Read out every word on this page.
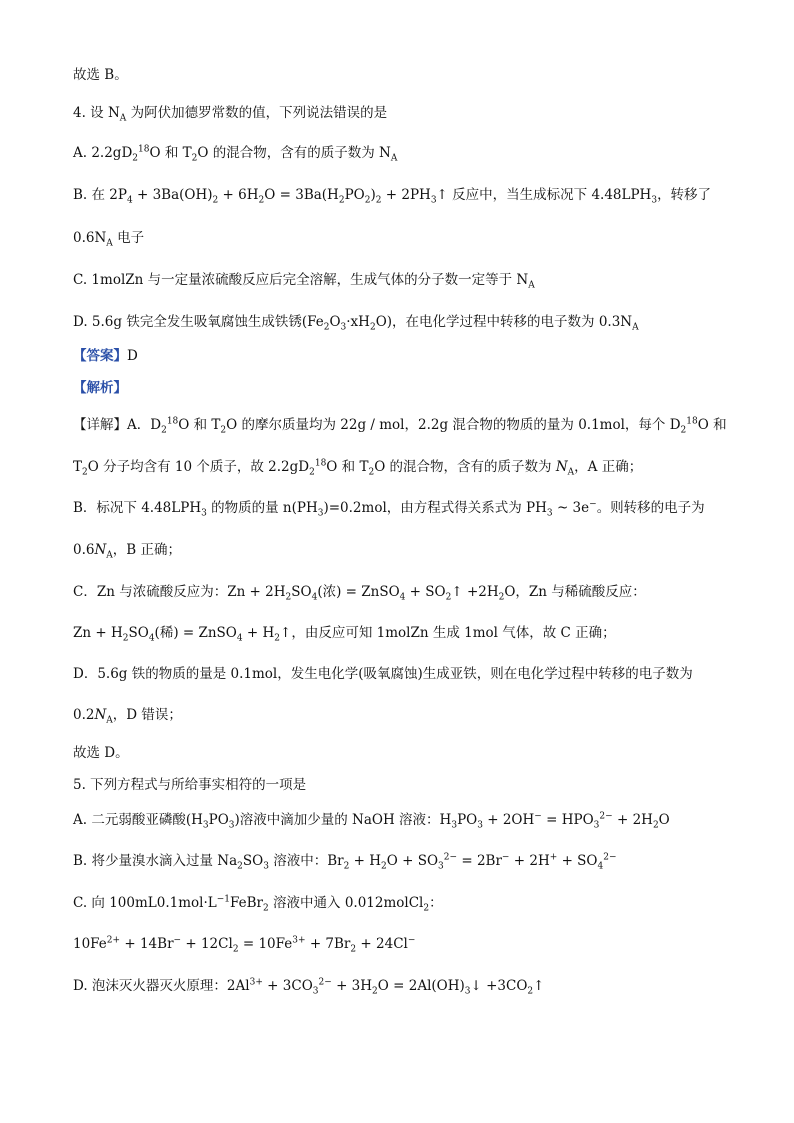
故选 B。
4. 设 $N_A$ 为阿伏加德罗常数的值，下列说法错误的是
A. $2.2gD_2^{18}O$ 和 $T_2O$ 的混合物，含有的质子数为 $N_A$
B. 在 $2P_4 + 3Ba(OH)_2 + 6H_2O = 3Ba(H_2PO_2)_2$ + $2PH_3↑$ 反应中，当生成标况下 $4.48LPH_3$，转移了
$0.6N_A$ 电子
C. 1molZn 与一定量浓硫酸反应后完全溶解，生成气体的分子数一定等于 $N_A$
D. 5.6g 铁完全发生吸氧腐蚀生成铁锈$(Fe_2O_3\cdot xH_2O)$，在电化学过程中转移的电子数为 $0.3N_A$
【答案】D
【解析】
【详解】A．$D_2^{18}O$ 和 $T_2O$ 的摩尔质量均为 22g / mol，2.2g 混合物的物质的量为 0.1mol，每个 $D_2^{18}O$ 和
$T_2O$ 分子均含有 10 个质子，故 $2.2gD_2^{18}O$ 和 $T_2O$ 的混合物，含有的质子数为 $N_A$，A 正确；
B．标况下 $4.48LPH_3$ 的物质的量 $n(PH_3)=0.2mol$，由方程式得关系式为 $PH_3$ ~ 3e−。则转移的电子为
$0.6N_A$，B 正确；
C．Zn 与浓硫酸反应为：$Zn + 2H_2SO_4$(浓) = ZnSO$_4$ + $SO_2↑ +2H_2O$，Zn 与稀硫酸反应：
$Zn + H_2SO_4$(稀) = ZnSO$_4$ + $H_2↑$，由反应可知 1molZn 生成 1mol 气体，故 C 正确；
D．5.6g 铁的物质的量是 0.1mol，发生电化学(吸氧腐蚀)生成亚铁，则在电化学过程中转移的电子数为
$0.2N_A$，D 错误；
故选 D。
5. 下列方程式与所给事实相符的一项是
A. 二元弱酸亚磷酸$(H_3PO_3)$溶液中滴加少量的 NaOH 溶液：$H_3PO_3 + 2OH^- = HPO_3^{2-} + 2H_2O$
B. 将少量溴水滴入过量 $Na_2SO_3$ 溶液中：$Br_2 + H_2O + SO_3^{2-} = 2Br^- + 2H^+ + SO_4^{2-}$
C. 向 $100mL0.1mol\cdot L^{-1}FeBr_2$ 溶液中通入 0.012molCl$_2$：
$10Fe^{2+} + 14Br^- + 12Cl_2 = 10Fe^{3+} + 7Br_2 + 24Cl^-$
D. 泡沫灭火器灭火原理：$2Al^{3+} + 3CO_3^{2-} + 3H_2O$ = $2Al(OH)_3↓$ $+3CO_2↑$
